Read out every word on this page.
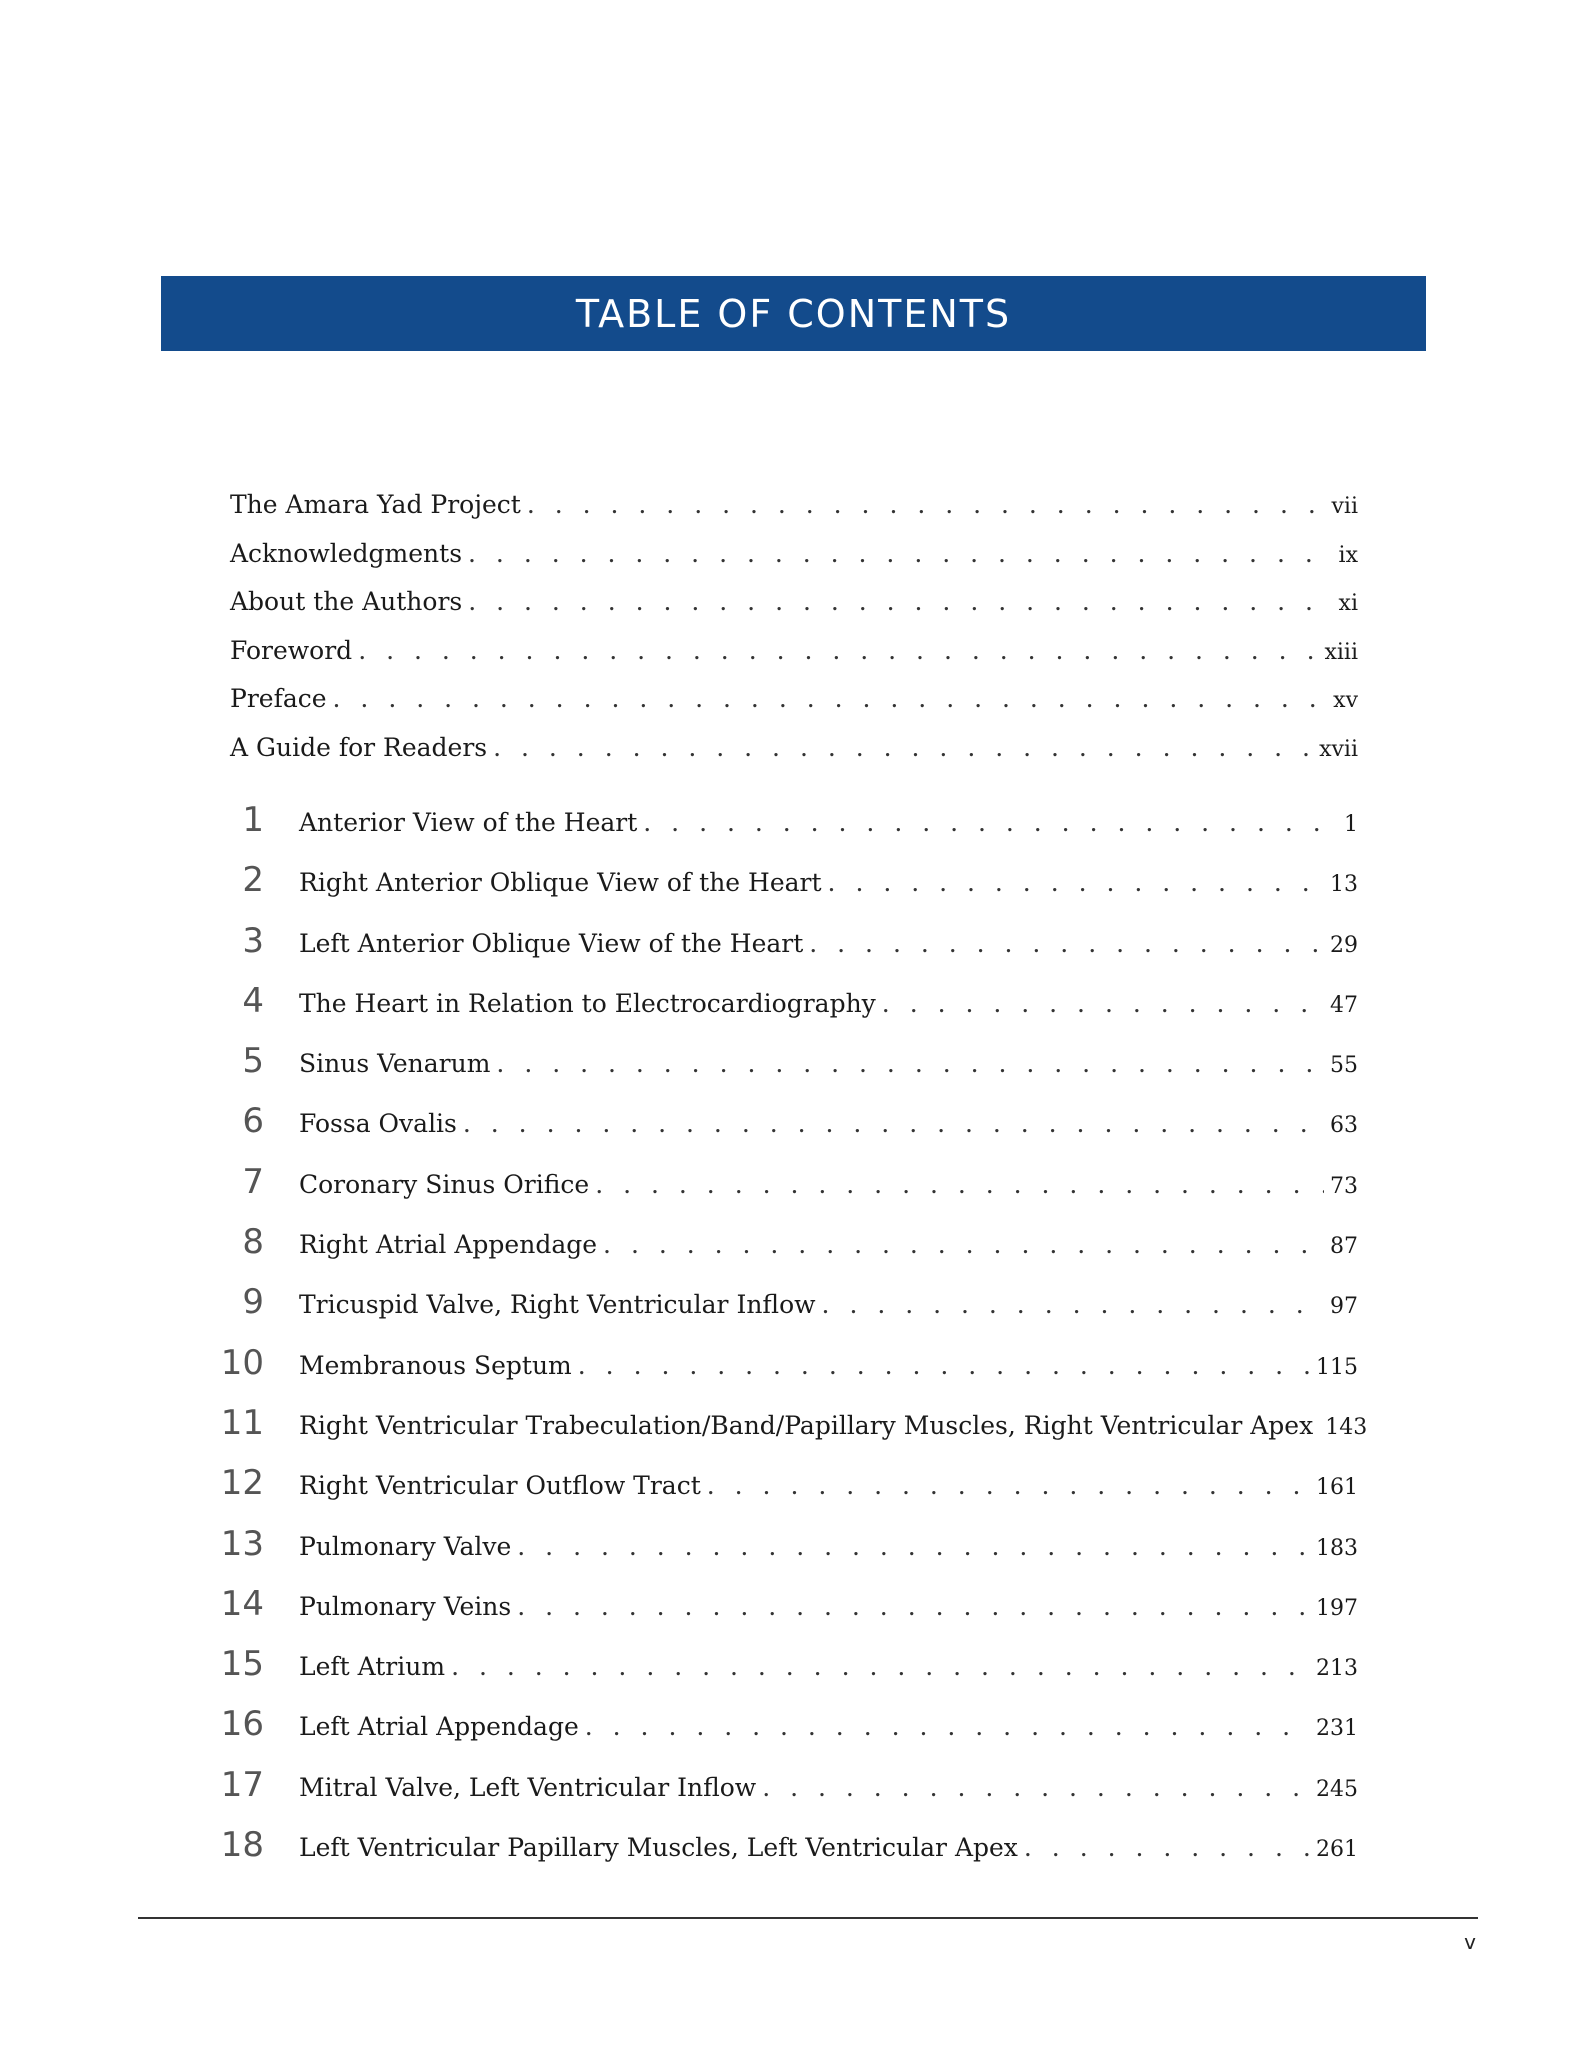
TABLE OF CONTENTS
The Amara Yad Project . . .	vii
Acknowledgments . . .	ix
About the Authors . . .	xi
Foreword . . .	xiii
Preface . . .	xv
A Guide for Readers . . .	xvii
1 Anterior View of the Heart . . .	1
2 Right Anterior Oblique View of the Heart . . .	13
3 Left Anterior Oblique View of the Heart . . .	29
4 The Heart in Relation to Electrocardiography . . .	47
5 Sinus Venarum . . .	55
6 Fossa Ovalis . . .	63
7 Coronary Sinus Orifice . . .	73
8 Right Atrial Appendage . . .	87
9 Tricuspid Valve, Right Ventricular Inflow . . .	97
10 Membranous Septum . . .	115
11 Right Ventricular Trabeculation/Band/Papillary Muscles, Right Ventricular Apex 143
12 Right Ventricular Outflow Tract . . .	161
13 Pulmonary Valve . . .	183
14 Pulmonary Veins . . .	197
15 Left Atrium . . .	213
16 Left Atrial Appendage . . .	231
17 Mitral Valve, Left Ventricular Inflow . . .	245
18 Left Ventricular Papillary Muscles, Left Ventricular Apex . . .	261
v
